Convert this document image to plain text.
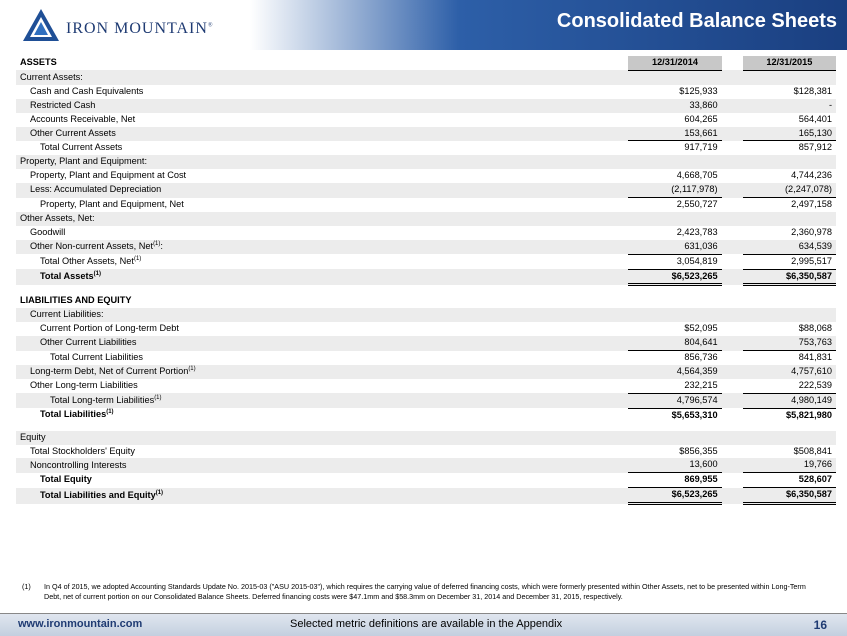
IRON MOUNTAIN®	Consolidated Balance Sheets
ASSETS	12/31/2014		12/31/2015
Current Assets:			
Cash and Cash Equivalents	$125,933		$128,381
Restricted Cash	33,860		-
Accounts Receivable, Net	604,265		564,401
Other Current Assets	153,661		165,130
Total Current Assets	917,719		857,912
Property, Plant and Equipment:			
Property, Plant and Equipment at Cost	4,668,705		4,744,236
Less: Accumulated Depreciation	(2,117,978)		(2,247,078)
Property, Plant and Equipment, Net	2,550,727		2,497,158
Other Assets, Net:			
Goodwill	2,423,783		2,360,978
Other Non-current Assets, Net$^{(1)}$:	631,036		634,539
Total Other Assets, Net$^{(1)}$	3,054,819		2,995,517
Total Assets$^{(1)}$	$6,523,265		$6,350,587

LIABILITIES AND EQUITY			
Current Liabilities:			
Current Portion of Long-term Debt	$52,095		$88,068
Other Current Liabilities	804,641		753,763
Total Current Liabilities	856,736		841,831
Long-term Debt, Net of Current Portion$^{(1)}$	4,564,359		4,757,610
Other Long-term Liabilities	232,215		222,539
Total Long-term Liabilities$^{(1)}$	4,796,574		4,980,149
Total Liabilities$^{(1)}$	$5,653,310		$5,821,980

Equity			
Total Stockholders' Equity	$856,355		$508,841
Noncontrolling Interests	13,600		19,766
Total Equity	869,955		528,607
Total Liabilities and Equity$^{(1)}$	$6,523,265		$6,350,587
(1) In Q4 of 2015, we adopted Accounting Standards Update No. 2015-03 ("ASU 2015-03"), which requires the carrying value of deferred financing costs, which were formerly presented within Other Assets, net to be presented within Long-Term Debt, net of current portion on our Consolidated Balance Sheets. Deferred financing costs were $47.1mm and $58.3mm on December 31, 2014 and December 31, 2015, respectively.
www.ironmountain.com	Selected metric definitions are available in the Appendix	16
